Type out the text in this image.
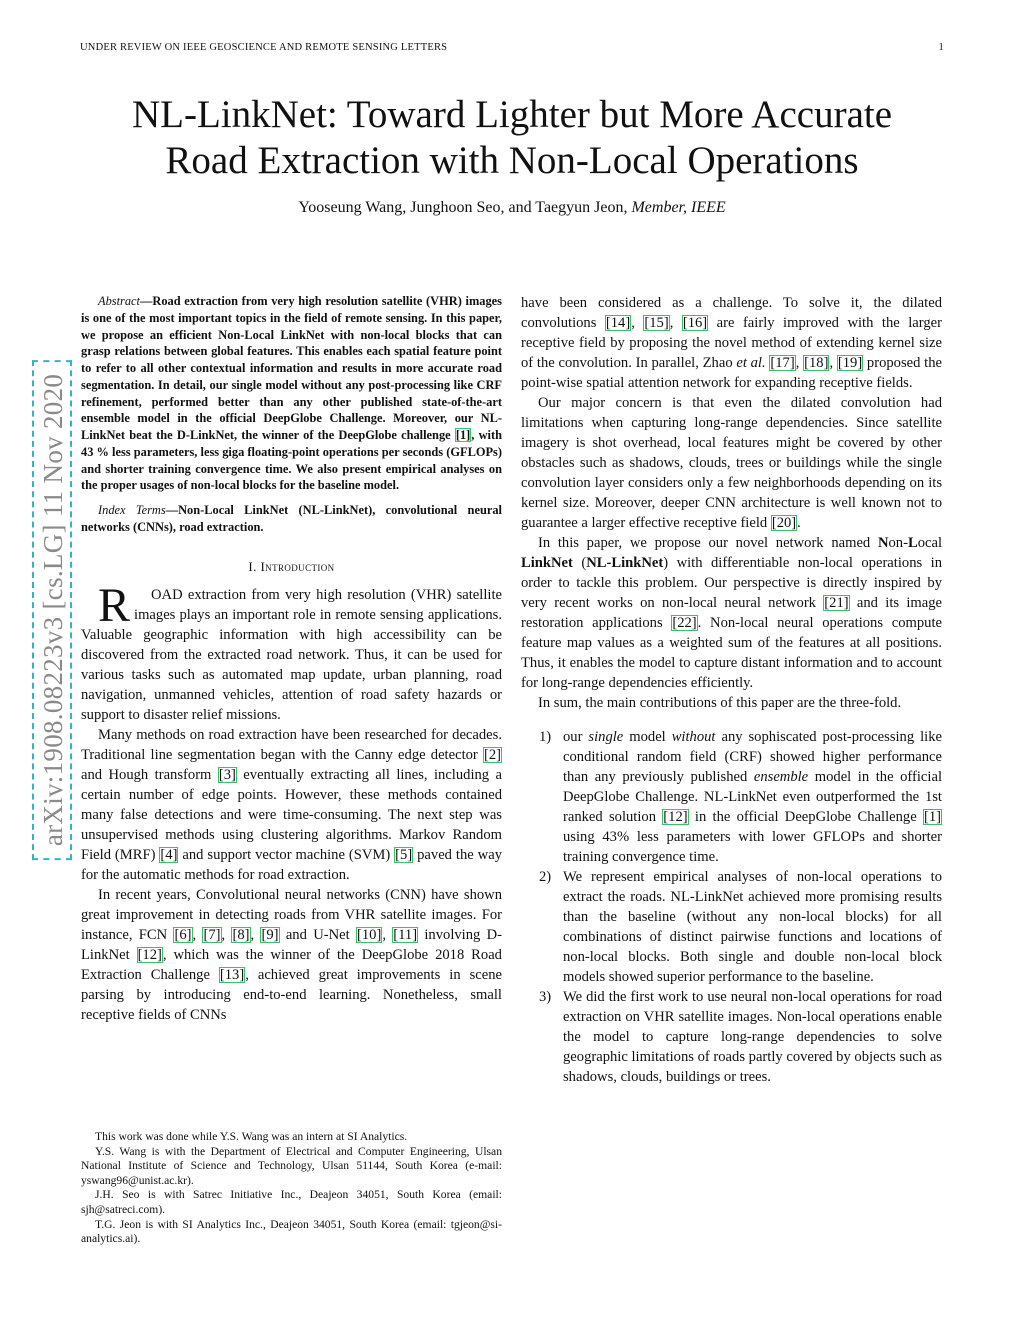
UNDER REVIEW ON IEEE GEOSCIENCE AND REMOTE SENSING LETTERS	1
NL-LinkNet: Toward Lighter but More Accurate
Road Extraction with Non-Local Operations
Yooseung Wang, Junghoon Seo, and Taegyun Jeon, Member, IEEE
arXiv:1908.08223v3 [cs.LG] 11 Nov 2020

Abstract—Road extraction from very high resolution satellite (VHR) images is one of the most important topics in the field of remote sensing. In this paper, we propose an efficient Non-Local LinkNet with non-local blocks that can grasp relations between global features. This enables each spatial feature point to refer to all other contextual information and results in more accurate road segmentation. In detail, our single model without any post-processing like CRF refinement, performed better than any other published state-of-the-art ensemble model in the official DeepGlobe Challenge. Moreover, our NL-LinkNet beat the D-LinkNet, the winner of the DeepGlobe challenge [1], with 43 % less parameters, less giga floating-point operations per seconds (GFLOPs) and shorter training convergence time. We also present empirical analyses on the proper usages of non-local blocks for the baseline model.

Index Terms—Non-Local LinkNet (NL-LinkNet), convolutional neural networks (CNNs), road extraction.

I. Introduction

R OAD extraction from very high resolution (VHR) satellite images plays an important role in remote sensing applications. Valuable geographic information with high accessibility can be discovered from the extracted road network. Thus, it can be used for various tasks such as automated map update, urban planning, road navigation, unmanned vehicles, attention of road safety hazards or support to disaster relief missions.

Many methods on road extraction have been researched for decades. Traditional line segmentation began with the Canny edge detector [2] and Hough transform [3] eventually extracting all lines, including a certain number of edge points. However, these methods contained many false detections and were time-consuming. The next step was unsupervised methods using clustering algorithms. Markov Random Field (MRF) [4] and support vector machine (SVM) [5] paved the way for the automatic methods for road extraction.

In recent years, Convolutional neural networks (CNN) have shown great improvement in detecting roads from VHR satellite images. For instance, FCN [6], [7], [8], [9] and U-Net [10], [11] involving D-LinkNet [12], which was the winner of the DeepGlobe 2018 Road Extraction Challenge [13], achieved great improvements in scene parsing by introducing end-to-end learning. Nonetheless, small receptive fields of CNNs

This work was done while Y.S. Wang was an intern at SI Analytics.

Y.S. Wang is with the Department of Electrical and Computer Engineering, Ulsan National Institute of Science and Technology, Ulsan 51144, South Korea (e-mail: yswang96@unist.ac.kr).

J.H. Seo is with Satrec Initiative Inc., Deajeon 34051, South Korea (email: sjh@satreci.com).

T.G. Jeon is with SI Analytics Inc., Deajeon 34051, South Korea (email: tgjeon@si-analytics.ai).

have been considered as a challenge. To solve it, the dilated convolutions [14], [15], [16] are fairly improved with the larger receptive field by proposing the novel method of extending kernel size of the convolution. In parallel, Zhao et al. [17], [18], [19] proposed the point-wise spatial attention network for expanding receptive fields.

Our major concern is that even the dilated convolution had limitations when capturing long-range dependencies. Since satellite imagery is shot overhead, local features might be covered by other obstacles such as shadows, clouds, trees or buildings while the single convolution layer considers only a few neighborhoods depending on its kernel size. Moreover, deeper CNN architecture is well known not to guarantee a larger effective receptive field [20].

In this paper, we propose our novel network named Non-Local LinkNet (NL-LinkNet) with differentiable non-local operations in order to tackle this problem. Our perspective is directly inspired by very recent works on non-local neural network [21] and its image restoration applications [22]. Non-local neural operations compute feature map values as a weighted sum of the features at all positions. Thus, it enables the model to capture distant information and to account for long-range dependencies efficiently.

In sum, the main contributions of this paper are the three-fold.

1) our single model without any sophiscated post-processing like conditional random field (CRF) showed higher performance than any previously published ensemble model in the official DeepGlobe Challenge. NL-LinkNet even outperformed the 1st ranked solution [12] in the official DeepGlobe Challenge [1] using 43% less parameters with lower GFLOPs and shorter training convergence time.
2) We represent empirical analyses of non-local operations to extract the roads. NL-LinkNet achieved more promising results than the baseline (without any non-local blocks) for all combinations of distinct pairwise functions and locations of non-local blocks. Both single and double non-local block models showed superior performance to the baseline.
3) We did the first work to use neural non-local operations for road extraction on VHR satellite images. Non-local operations enable the model to capture long-range dependencies to solve geographic limitations of roads partly covered by objects such as shadows, clouds, buildings or trees.
